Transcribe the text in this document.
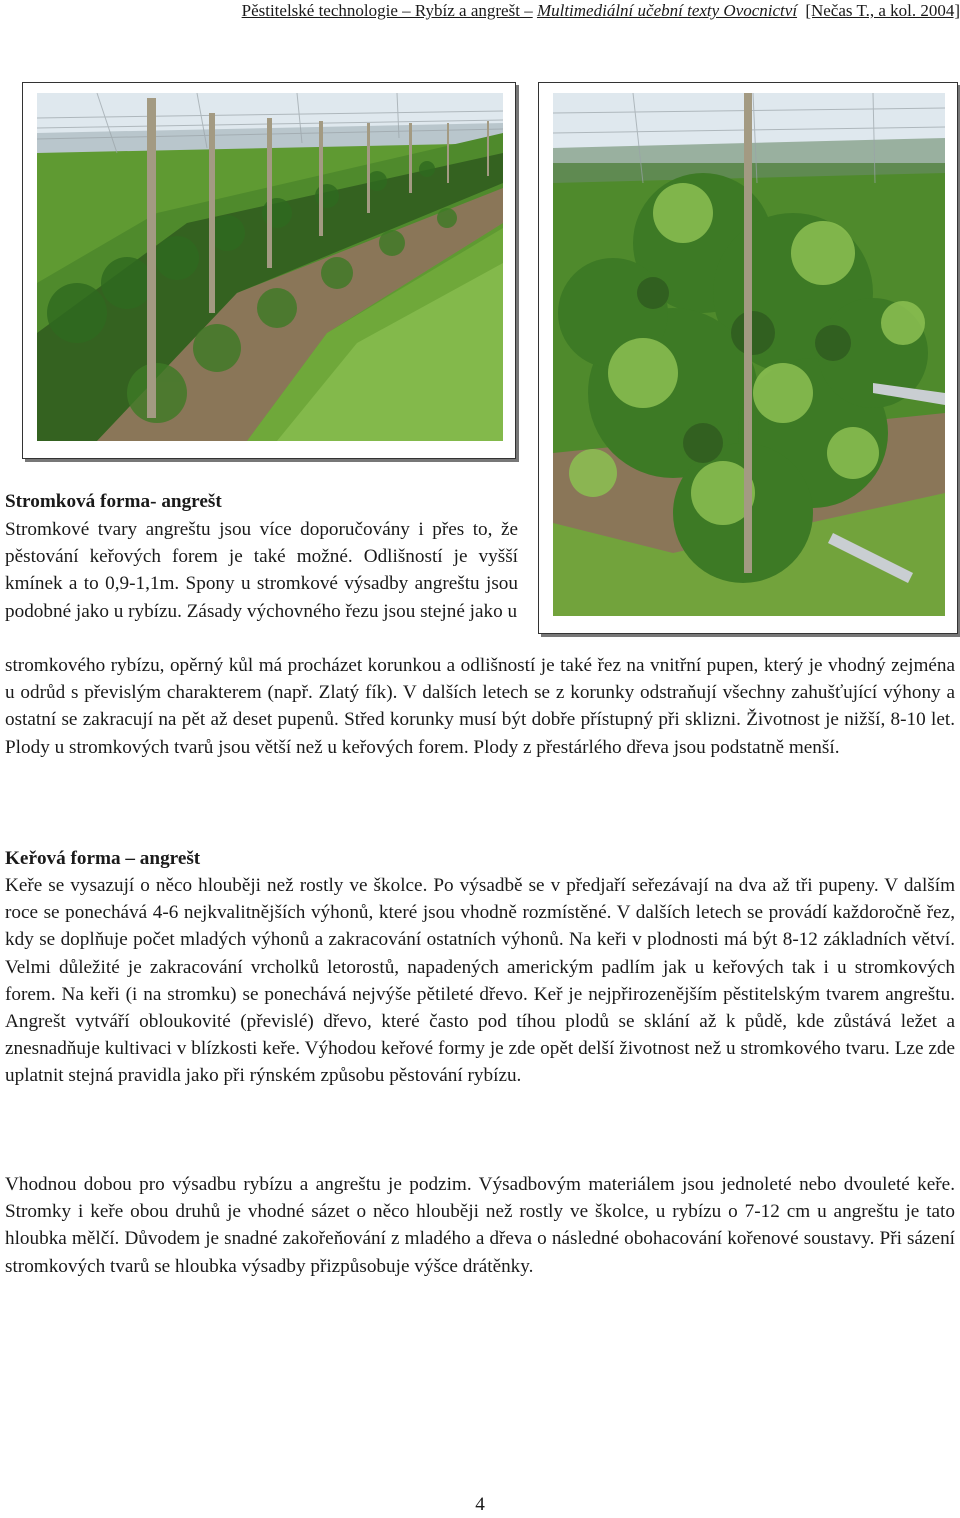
Pěstitelské technologie – Rybíz a angrešt – Multimediální učební texty Ovocnictví [Nečas T., a kol. 2004]
Stromková forma- angrešt

Stromkové tvary angreštu jsou více doporučovány i přes to, že pěstování keřových forem je také možné. Odlišností je vyšší kmínek a to 0,9-1,1m. Spony u stromkové výsadby angreštu jsou podobné jako u rybízu. Zásady výchovného řezu jsou stejné jako u

stromkového rybízu, opěrný kůl má procházet korunkou a odlišností je také řez na vnitřní pupen, který je vhodný zejména u odrůd s převislým charakterem (např. Zlatý fík). V dalších letech se z korunky odstraňují všechny zahušťující výhony a ostatní se zakracují na pět až deset pupenů. Střed korunky musí být dobře přístupný při sklizni. Životnost je nižší, 8-10 let. Plody u stromkových tvarů jsou větší než u keřových forem. Plody z přestárlého dřeva jsou podstatně menší.

Keřová forma – angrešt

Keře se vysazují o něco hlouběji než rostly ve školce. Po výsadbě se v předjaří seřezávají na dva až tři pupeny. V dalším roce se ponechává 4-6 nejkvalitnějších výhonů, které jsou vhodně rozmístěné. V dalších letech se provádí každoročně řez, kdy se doplňuje počet mladých výhonů a zakracování ostatních výhonů. Na keři v plodnosti má být 8-12 základních větví. Velmi důležité je zakracování vrcholků letorostů, napadených americkým padlím jak u keřových tak i u stromkových forem. Na keři (i na stromku) se ponechává nejvýše pětileté dřevo. Keř je nejpřirozenějším pěstitelským tvarem angreštu. Angrešt vytváří obloukovité (převislé) dřevo, které často pod tíhou plodů se sklání až k půdě, kde zůstává ležet a znesnadňuje kultivaci v blízkosti keře. Výhodou keřové formy je zde opět delší životnost než u stromkového tvaru. Lze zde uplatnit stejná pravidla jako při rýnském způsobu pěstování rybízu.

Vhodnou dobou pro výsadbu rybízu a angreštu je podzim. Výsadbovým materiálem jsou jednoleté nebo dvouleté keře. Stromky i keře obou druhů je vhodné sázet o něco hlouběji než rostly ve školce, u rybízu o 7-12 cm u angreštu je tato hloubka mělčí. Důvodem je snadné zakořeňování z mladého a dřeva o následné obohacování kořenové soustavy. Při sázení stromkových tvarů se hloubka výsadby přizpůsobuje výšce drátěnky.

4
